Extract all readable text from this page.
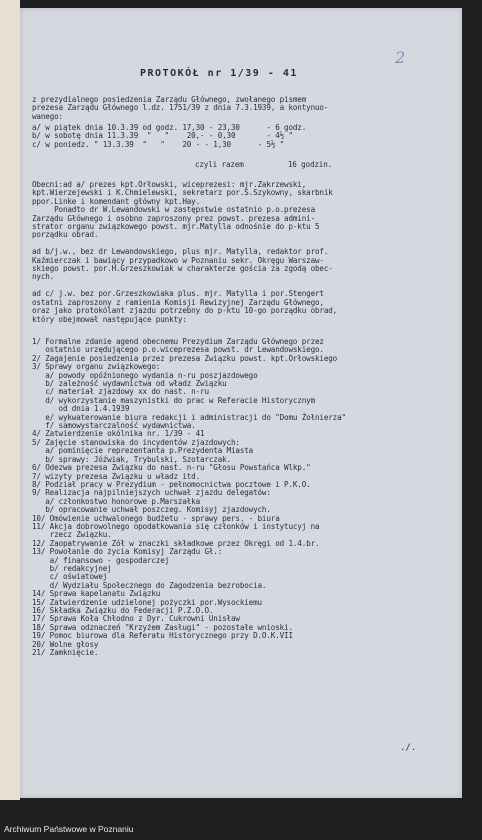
2
PROTOKÓŁ nr 1/39 - 41
z prezydialnego posiedzenia Zarządu Głównego, zwołanego pismem
prezesa Zarządu Głównego l.dz. 1751/39 z dnia 7.3.1939, a kontynuo-
wanego:
a/ w piątek dnia 10.3.39 od godz. 17,30 - 23,30      - 6 godz.
b/ w sobotę dnia 11.3.39  "   "    20,- - 0,30       - 4½ "
c/ w poniedz. " 13.3.39  "   "    20 - - 1,30      - 5½ "
czyli razem          16 godzin.
Obecni:ad a/ prezes kpt.Orłowski, wiceprezesi: mjr.Zakrzewski,
kpt.Wierzejewski i K.Chmielewski, sekretarz por.S.Szykowny, skarbnik
ppor.Linke i komendant główny kpt.Hay.
Ponadto dr W.Lewandowski w zastępstwie ostatnio p.o.prezesa
Zarządu Głównego i osobno zaproszony prez powst. prezesa admini-
strator organu związkowego powst. mjr.Matylla odnośnie do p-ktu 5
porządku obrad.

ad b/j.w., bez dr Lewandowskiego, plus mjr. Matylla, redaktor prof.
Kaźmierczak i bawiący przypadkowo w Poznaniu sekr. Okręgu Warszaw-
skiego powst. por.H.Grzeszkowiak w charakterze gościa za zgodą obec-
nych.

ad c/ j.w. bez por.Grzeszkowiaka plus. mjr. Matylla i por.Stengert
ostatni zaproszony z ramienia Komisji Rewizyjnej Zarządu Głównego,
oraz jako protokólant zjazdu potrzebny do p-ktu 10-go porządku obrad,
który obejmował następujące punkty:
1/ Formalne zdanie agend obecnemu Prezydium Zarządu Głównego przez
ostatnio urzędującego p.o.wiceprezesa powst. dr Lewandowskiego.
2/ Zagajenie posiedzenia przez prezesa Związku powst. kpt.Orłowskiego
3/ Sprawy organu związkowego:
a/ powody opóźnionego wydania n-ru poszjazdowego
b/ zależność wydawnictwa od władz Związku
c/ materiał zjazdowy xx do nast. n-ru
d/ wykorzystanie maszynistki do prac w Referacie Historycznym
od dnia 1.4.1939
e/ wykwaterowanie biura redakcji i administracji do "Domu Żołnierza"
f/ samowystarczalność wydawnictwa.
4/ Zatwierdzenie okólnika nr. 1/39 - 41
5/ Zajęcie stanowiska do incydentów zjazdowych:
a/ pominięcie reprezentanta p.Prezydenta Miasta
b/ sprawy: Jóźwiak, Trybulski, Szotarczak.
6/ Odezwa prezesa Związku do nast. n-ru "Głosu Powstańca Wlkp."
7/ wizyty prezesa Związku u władz itd.
8/ Podział pracy w Prezydium - pełnomocnictwa pocztowe i P.K.O.
9/ Realizacja najpilniejszych uchwał zjazdu delegatów:
a/ członkostwo honorowe p.Marszałka
b/ opracowanie uchwał poszczeg. Komisyj zjazdowych.
10/ Omówienie uchwalonego budżetu - sprawy pers. - biura
11/ Akcja dobrowolnego opodatkowania się członków i instytucyj na
rzecz Związku.
12/ Zaopatrywanie Zół w znaczki składkowe przez Okręgi od 1.4.br.
13/ Powołanie do życia Komisyj Zarządu Gł.:
a/ finansowo - gospodarczej
b/ redakcyjnej
c/ oświatowej
d/ Wydziału Społecznego do Zagodzenia bezrobocia.
14/ Sprawa kapelanatu Związku
15/ Zatwierdzenie udzielonej pożyczki por.Wysockiemu
16/ Składka Związku do Federacji P.Z.O.O.
17/ Sprawa Koła Chłodno z Dyr. Cukrowni Unisław
18/ Sprawa odznaczeń "Krzyżem Zasługi" - pozostałe wnioski.
19/ Pomoc biurowa dla Referatu Historycznego przy D.O.K.VII
20/ Wolne głosy
21/ Zamknięcie.
./.
Archiwum Państwowe w Poznaniu
